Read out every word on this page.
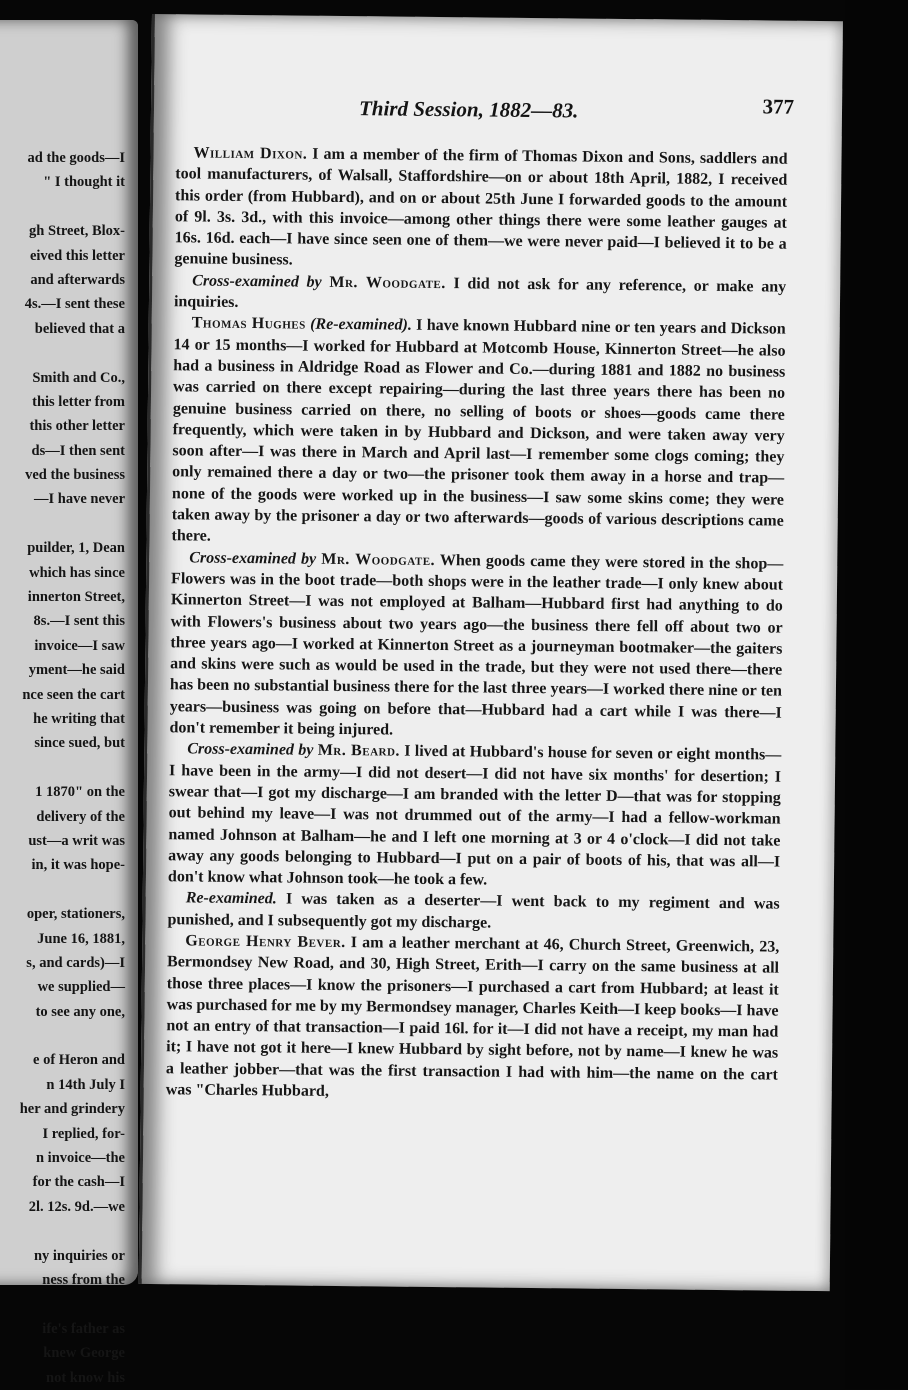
ad the goods—I
" I thought it
gh Street, Blox-
eived this letter
and afterwards
4s.—I sent these
believed that a
Smith and Co.,
this letter from
this other letter
ds—I then sent
ved the business
—I have never
puilder, 1, Dean
which has since
innerton Street,
8s.—I sent this
invoice—I saw
yment—he said
nce seen the cart
he writing that
since sued, but
1 1870" on the
delivery of the
ust—a writ was
in, it was hope-
oper, stationers,
June 16, 1881,
s, and cards)—I
we supplied—
to see any one,
e of Heron and
n 14th July I
her and grindery
I replied, for-
n invoice—the
for the cash—I
2l. 12s. 9d.—we
ny inquiries or
ness from the
ife's father as
knew George
not know his
Third Session, 1882—83.	377

William Dixon. I am a member of the firm of Thomas Dixon and Sons, saddlers and tool manufacturers, of Walsall, Staffordshire—on or about 18th April, 1882, I received this order (from Hubbard), and on or about 25th June I forwarded goods to the amount of 9l. 3s. 3d., with this invoice—among other things there were some leather gauges at 16s. 16d. each—I have since seen one of them—we were never paid—I believed it to be a genuine business.

Cross-examined by Mr. Woodgate. I did not ask for any reference, or make any inquiries.

Thomas Hughes (Re-examined). I have known Hubbard nine or ten years and Dickson 14 or 15 months—I worked for Hubbard at Motcomb House, Kinnerton Street—he also had a business in Aldridge Road as Flower and Co.—during 1881 and 1882 no business was carried on there except repairing—during the last three years there has been no genuine business carried on there, no selling of boots or shoes—goods came there frequently, which were taken in by Hubbard and Dickson, and were taken away very soon after—I was there in March and April last—I remember some clogs coming; they only remained there a day or two—the prisoner took them away in a horse and trap—none of the goods were worked up in the business—I saw some skins come; they were taken away by the prisoner a day or two afterwards—goods of various descriptions came there.

Cross-examined by Mr. Woodgate. When goods came they were stored in the shop—Flowers was in the boot trade—both shops were in the leather trade—I only knew about Kinnerton Street—I was not employed at Balham—Hubbard first had anything to do with Flowers's business about two years ago—the business there fell off about two or three years ago—I worked at Kinnerton Street as a journeyman bootmaker—the gaiters and skins were such as would be used in the trade, but they were not used there—there has been no substantial business there for the last three years—I worked there nine or ten years—business was going on before that—Hubbard had a cart while I was there—I don't remember it being injured.

Cross-examined by Mr. Beard. I lived at Hubbard's house for seven or eight months—I have been in the army—I did not desert—I did not have six months' for desertion; I swear that—I got my discharge—I am branded with the letter D—that was for stopping out behind my leave—I was not drummed out of the army—I had a fellow-workman named Johnson at Balham—he and I left one morning at 3 or 4 o'clock—I did not take away any goods belonging to Hubbard—I put on a pair of boots of his, that was all—I don't know what Johnson took—he took a few.

Re-examined. I was taken as a deserter—I went back to my regiment and was punished, and I subsequently got my discharge.

George Henry Bever. I am a leather merchant at 46, Church Street, Greenwich, 23, Bermondsey New Road, and 30, High Street, Erith—I carry on the same business at all those three places—I know the prisoners—I purchased a cart from Hubbard; at least it was purchased for me by my Bermondsey manager, Charles Keith—I keep books—I have not an entry of that transaction—I paid 16l. for it—I did not have a receipt, my man had it; I have not got it here—I knew Hubbard by sight before, not by name—I knew he was a leather jobber—that was the first transaction I had with him—the name on the cart was "Charles Hubbard,
